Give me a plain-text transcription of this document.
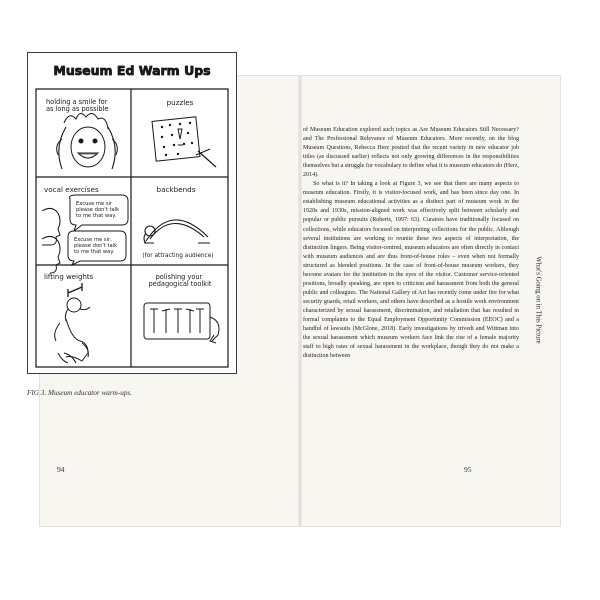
Museum Ed Warm Ups
holding a smile for as long as possible
puzzles
vocal exercises
Excuse me sir please don't talk to me that way.
Excuse me sir, please don't talk to me that way.
backbends
(for attracting audience)
lifting weights	polishing your pedagogical toolkit
FIG 3. Museum educator warm-ups.
94

of Museum Education explored such topics as Are Museum Educators Still Necessary? and The Professional Relevance of Museum Educators. More recently, on the blog Museum Questions, Rebecca Herz posited that the recent variety in new educator job titles (as discussed earlier) reflects not only growing differences in the responsibilities themselves but a struggle for vocabulary to define what it is museum educators do (Herz, 2014).

So what is it? In taking a look at Figure 3, we see that there are many aspects to museum education. Firstly, it is visitor-focused work, and has been since day one. In establishing museum educational activities as a distinct part of museum work in the 1920s and 1930s, mission-aligned work was effectively split between scholarly and popular or public pursuits (Roberts, 1997: 63). Curators have traditionally focused on collections, while educators focused on interpreting collections for the public. Although several institutions are working to reunite these two aspects of interpretation, the distinction lingers. Being visitor-centred, museum educators are often directly in contact with museum audiences and are thus front-of-house roles – even when not formally structured as blended positions. In the case of front-of-house museum workers, they become avatars for the institution in the eyes of the visitor. Customer service-oriented positions, broadly speaking, are open to criticism and harassment from both the general public and colleagues. The National Gallery of Art has recently come under fire for what security guards, retail workers, and others have described as a hostile work environment characterized by sexual harassment, discrimination, and retaliation that has resulted in formal complaints to the Equal Employment Opportunity Commission (EEOC) and a handful of lawsuits (McGlone, 2018). Early investigations by trivedi and Wittman into the sexual harassment which museum workers face link the rise of a female majority staff to high rates of sexual harassment in the workplace, though they do not make a distinction between

What's Going on in This Picture
95
